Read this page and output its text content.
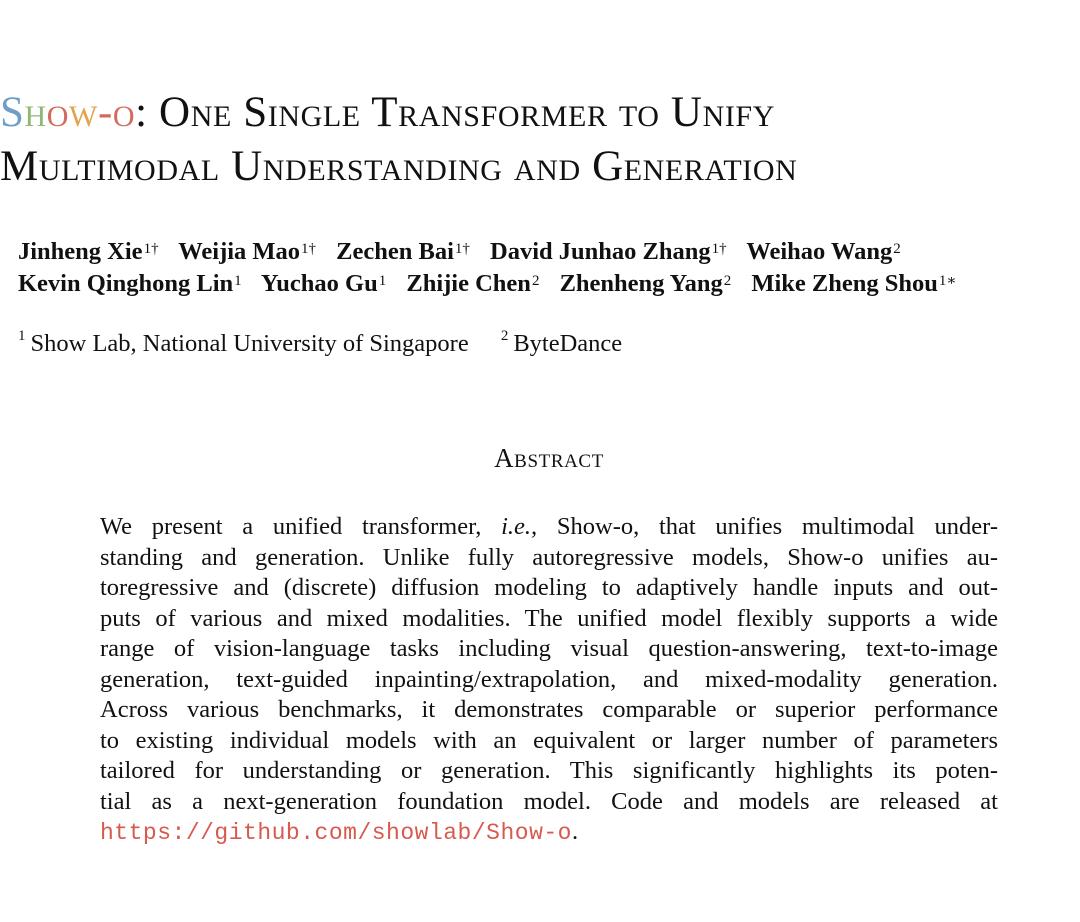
Show-o: One Single Transformer to Unify
Multimodal Understanding and Generation
Jinheng Xie$^{1\dagger}$ Weijia Mao$^{1\dagger}$ Zechen Bai$^{1\dagger}$ David Junhao Zhang$^{1\dagger}$ Weihao Wang$^2$
Kevin Qinghong Lin$^1$ Yuchao Gu$^1$ Zhijie Chen$^2$ Zhenheng Yang$^2$ Mike Zheng Shou$^{1∗}$
$^1$ Show Lab, National University of Singapore $^2$ ByteDance
Abstract
We present a unified transformer, i.e., Show-o, that unifies multimodal under-
standing and generation. Unlike fully autoregressive models, Show-o unifies au-
toregressive and (discrete) diffusion modeling to adaptively handle inputs and out-
puts of various and mixed modalities. The unified model flexibly supports a wide
range of vision-language tasks including visual question-answering, text-to-image
generation, text-guided inpainting/extrapolation, and mixed-modality generation.
Across various benchmarks, it demonstrates comparable or superior performance
to existing individual models with an equivalent or larger number of parameters
tailored for understanding or generation. This significantly highlights its poten-
tial as a next-generation foundation model. Code and models are released at
https://github.com/showlab/Show-o.
